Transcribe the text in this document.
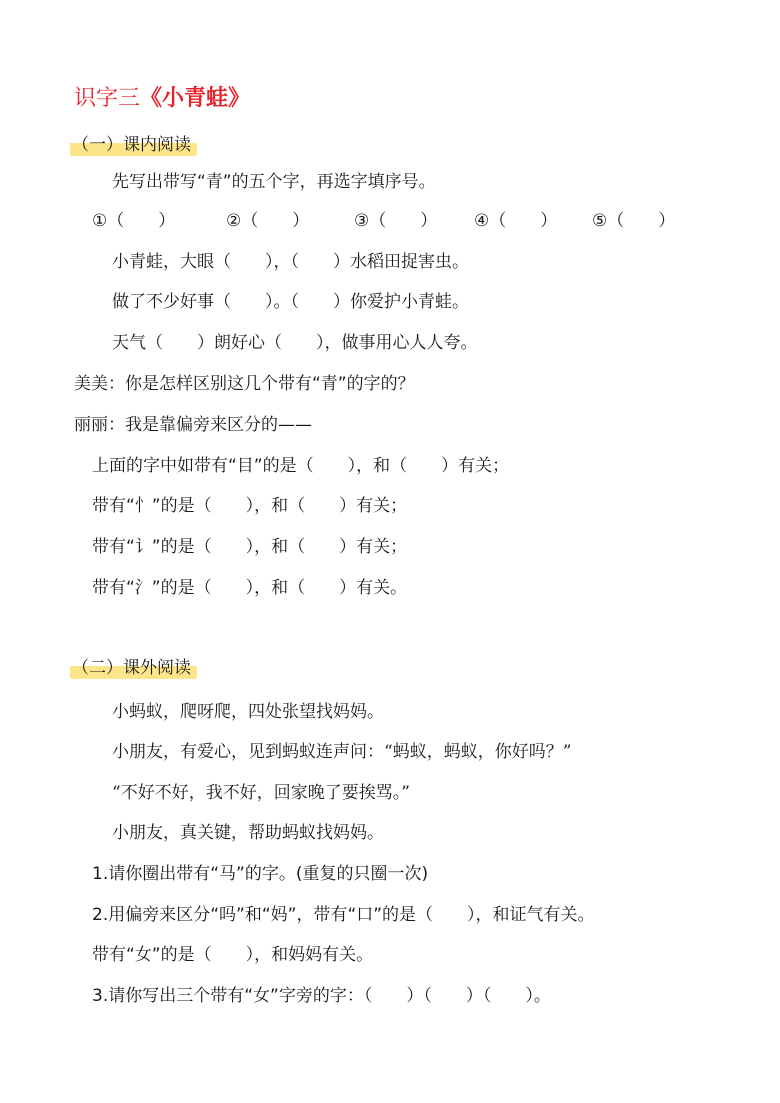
识字三《小青蛙》
（一）课内阅读
先写出带写“青”的五个字，再选字填序号。
①（　　）	②（　　）	③（　　） ④（　　） ⑤（　　）
小青蛙，大眼（　　），（　　）水稻田捉害虫。
做了不少好事（　　）。（　　）你爱护小青蛙。
天气（　　）朗好心（　　），做事用心人人夸。
美美：你是怎样区别这几个带有“青”的字的？
丽丽：我是靠偏旁来区分的——
上面的字中如带有“目”的是（　　），和（　　）有关；
带有“忄”的是（　　），和（　　）有关；
带有“讠”的是（　　），和（　　）有关；
带有“氵”的是（　　），和（　　）有关。
（二）课外阅读
小蚂蚁，爬呀爬，四处张望找妈妈。
小朋友，有爱心，见到蚂蚁连声问：“蚂蚁，蚂蚁，你好吗？”
“不好不好，我不好，回家晚了要挨骂。”
小朋友，真关键，帮助蚂蚁找妈妈。
1.请你圈出带有“马”的字。(重复的只圈一次)
2.用偏旁来区分“吗”和“妈”，带有“口”的是（　　），和证气有关。
带有“女”的是（　　），和妈妈有关。
3.请你写出三个带有“女”字旁的字：（　　）（　　）（　　）。
